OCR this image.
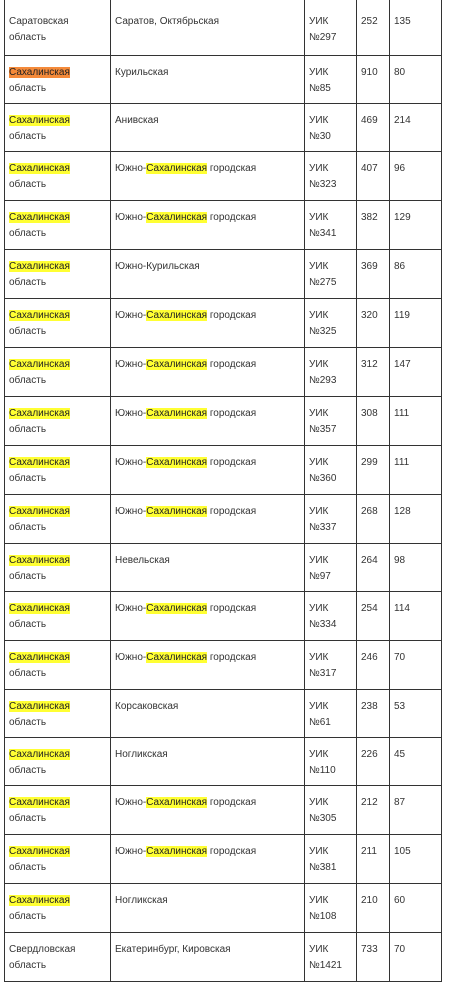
Саратовская область	Саратов, Октябрьская	УИК №297	252	135
Сахалинская область	Курильская	УИК №85	910	80
Сахалинская область	Анивская	УИК №30	469	214
Сахалинская область	Южно-Сахалинская городская	УИК №323	407	96
Сахалинская область	Южно-Сахалинская городская	УИК №341	382	129
Сахалинская область	Южно-Курильская	УИК №275	369	86
Сахалинская область	Южно-Сахалинская городская	УИК №325	320	119
Сахалинская область	Южно-Сахалинская городская	УИК №293	312	147
Сахалинская область	Южно-Сахалинская городская	УИК №357	308	111
Сахалинская область	Южно-Сахалинская городская	УИК №360	299	111
Сахалинская область	Южно-Сахалинская городская	УИК №337	268	128
Сахалинская область	Невельская	УИК №97	264	98
Сахалинская область	Южно-Сахалинская городская	УИК №334	254	114
Сахалинская область	Южно-Сахалинская городская	УИК №317	246	70
Сахалинская область	Корсаковская	УИК №61	238	53
Сахалинская область	Ногликская	УИК №110	226	45
Сахалинская область	Южно-Сахалинская городская	УИК №305	212	87
Сахалинская область	Южно-Сахалинская городская	УИК №381	211	105
Сахалинская область	Ногликская	УИК №108	210	60
Свердловская область	Екатеринбург, Кировская	УИК №1421	733	70
